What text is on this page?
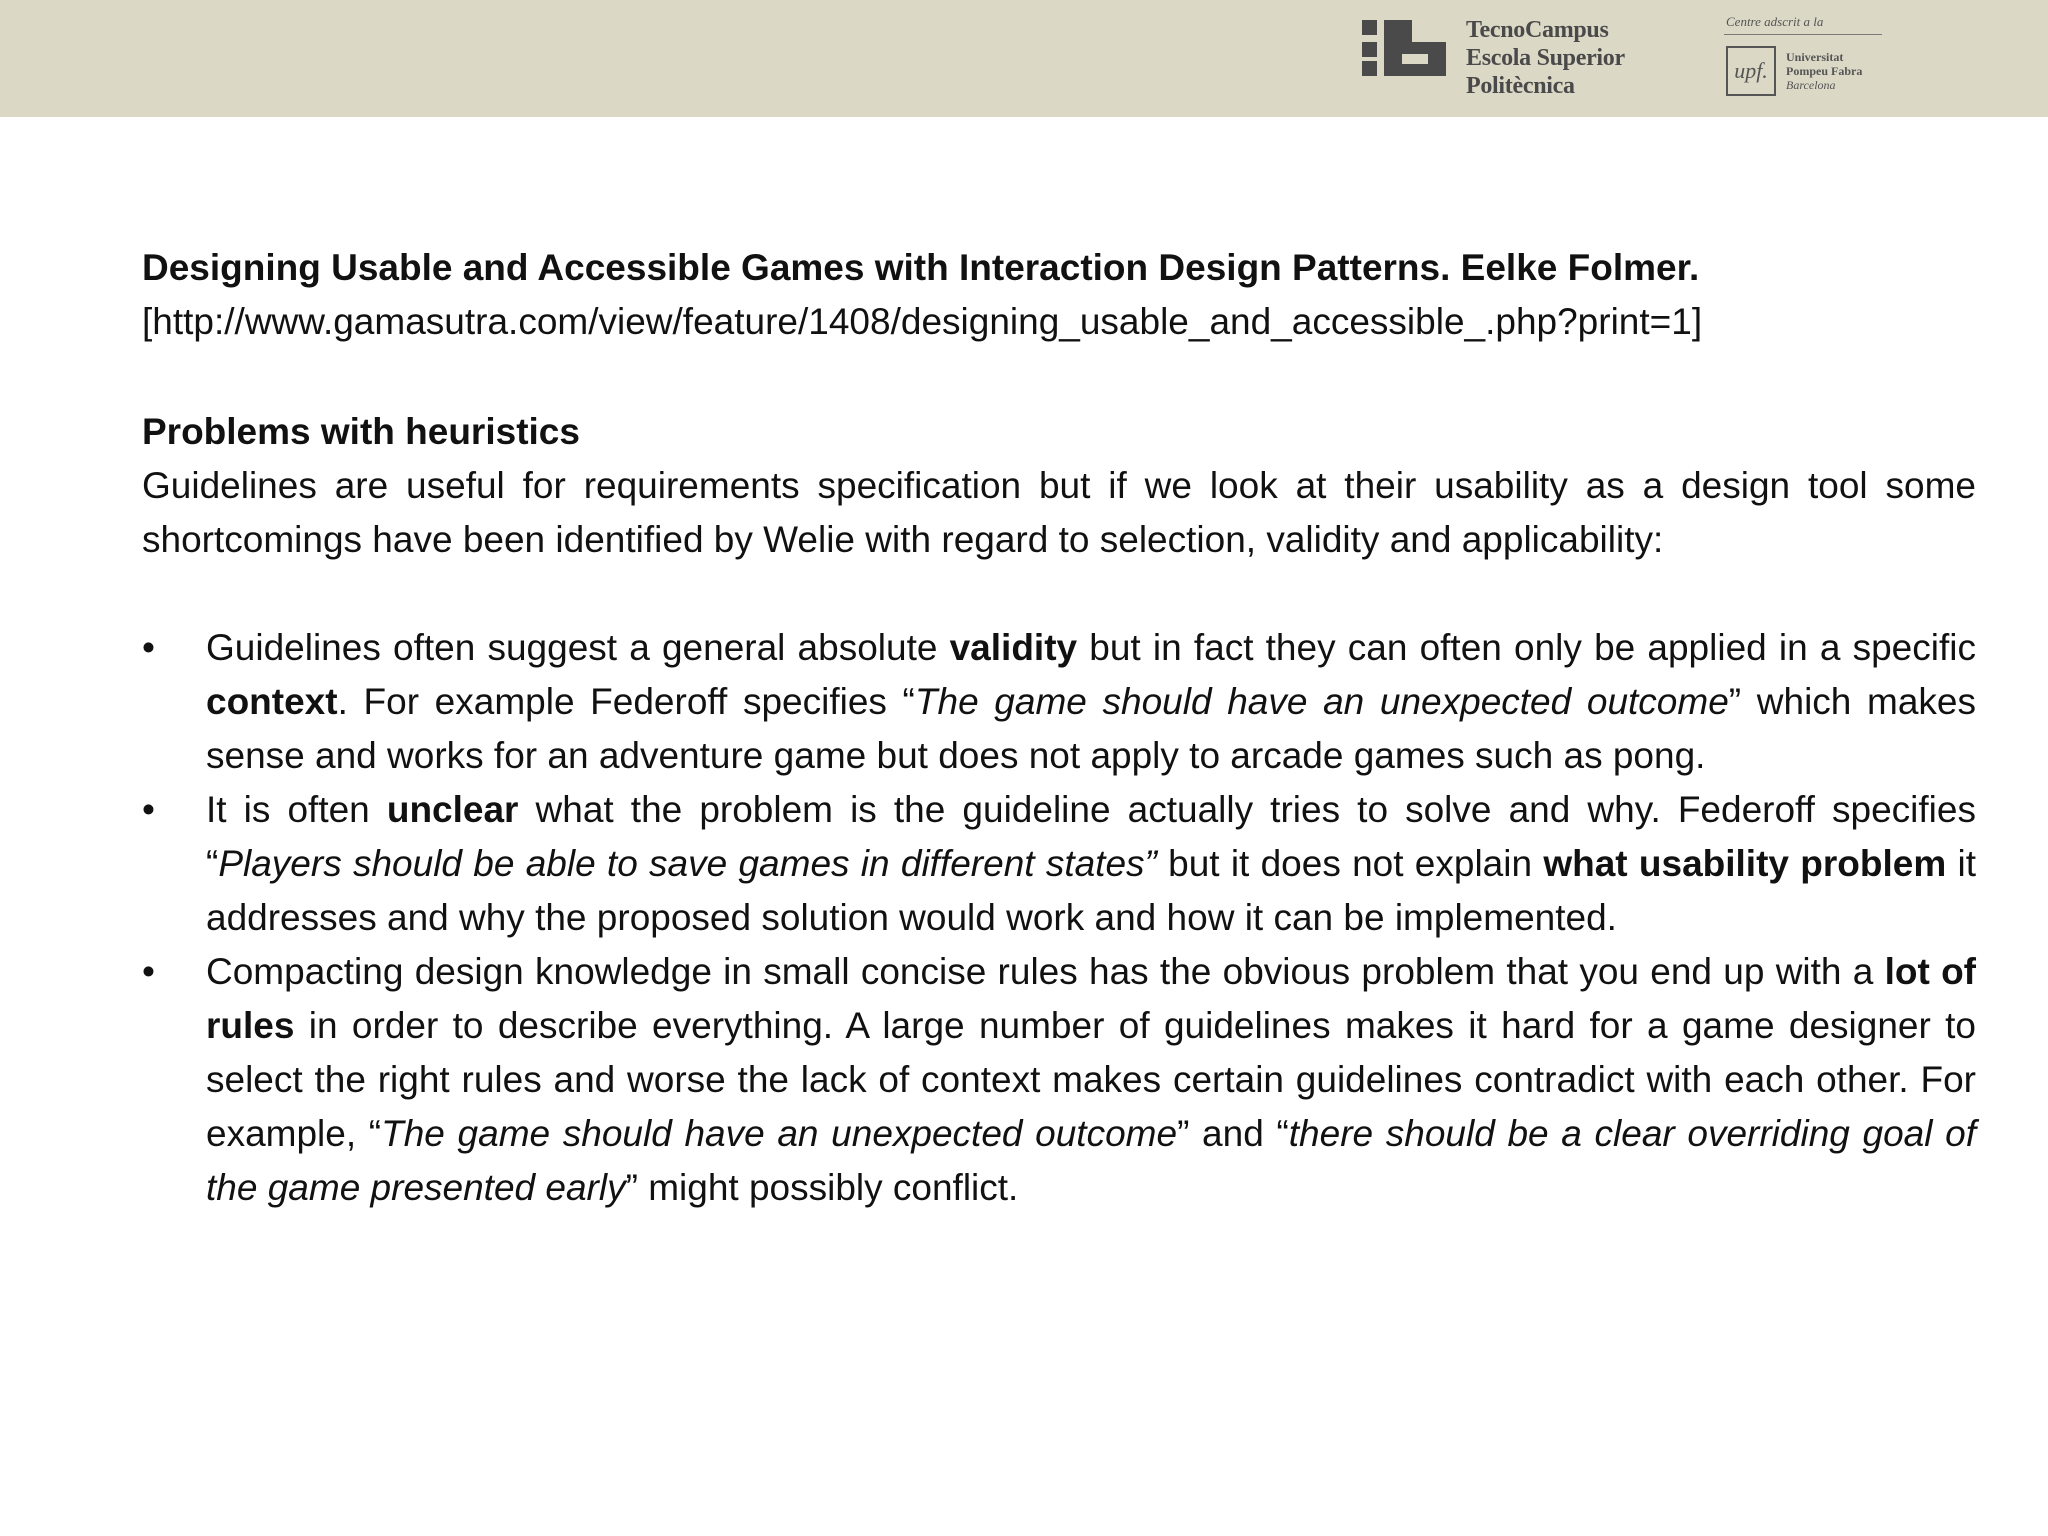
TecnoCampus
Escola Superior
Politècnica
Centre adscrit a la
upf.
Universitat
Pompeu Fabra
Barcelona

Designing Usable and Accessible Games with Interaction Design Patterns. Eelke Folmer.

[http://www.gamasutra.com/view/feature/1408/designing_usable_and_accessible_.php?print=1]

Problems with heuristics

Guidelines are useful for requirements specification but if we look at their usability as a design tool some shortcomings have been identified by Welie with regard to selection, validity and applicability:

• Guidelines often suggest a general absolute validity but in fact they can often only be applied in a specific context. For example Federoff specifies “The game should have an unexpected outcome” which makes sense and works for an adventure game but does not apply to arcade games such as pong.
• It is often unclear what the problem is the guideline actually tries to solve and why. Federoff specifies “Players should be able to save games in different states” but it does not explain what usability problem it addresses and why the proposed solution would work and how it can be implemented.
• Compacting design knowledge in small concise rules has the obvious problem that you end up with a lot of rules in order to describe everything. A large number of guidelines makes it hard for a game designer to select the right rules and worse the lack of context makes certain guidelines contradict with each other. For example, “The game should have an unexpected outcome” and “there should be a clear overriding goal of the game presented early” might possibly conflict.
